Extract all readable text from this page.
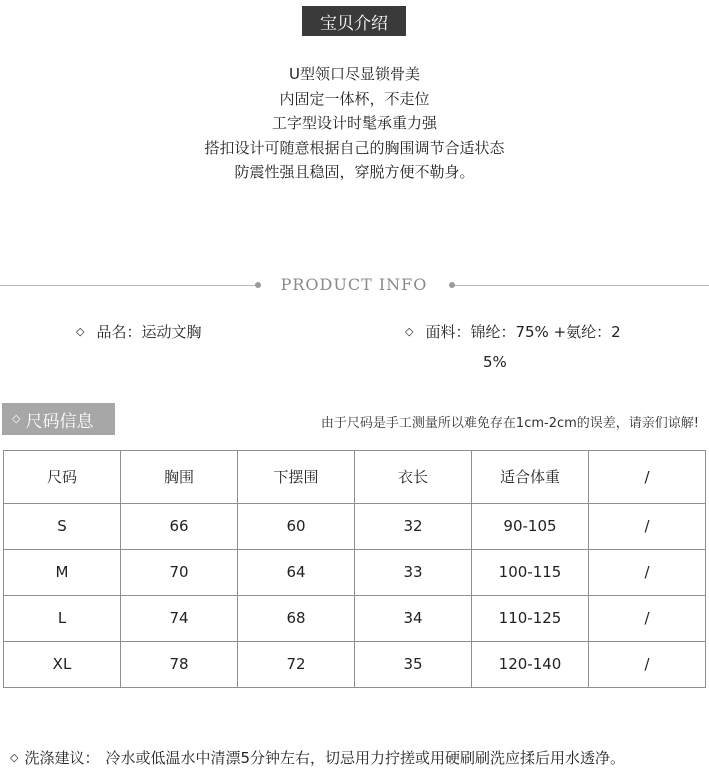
宝贝介绍
U型领口尽显锁骨美
内固定一体杯，不走位
工字型设计时髦承重力强
搭扣设计可随意根据自己的胸围调节合适状态
防震性强且稳固，穿脱方便不勒身。
PRODUCT INFO
◇ 品名：运动文胸	◇ 面料：锦纶：75% +氨纶：2
5%
◇ 尺码信息	由于尺码是手工测量所以难免存在1cm-2cm的误差，请亲们谅解!
尺码	胸围	下摆围	衣长	适合体重	/
S	66	60	32	90-105	/
M	70	64	33	100-115	/
L	74	68	34	110-125	/
XL	78	72	35	120-140	/
◇ 洗涤建议： 冷水或低温水中清漂5分钟左右，切忌用力拧搓或用硬刷刷洗应揉后用水透净。
